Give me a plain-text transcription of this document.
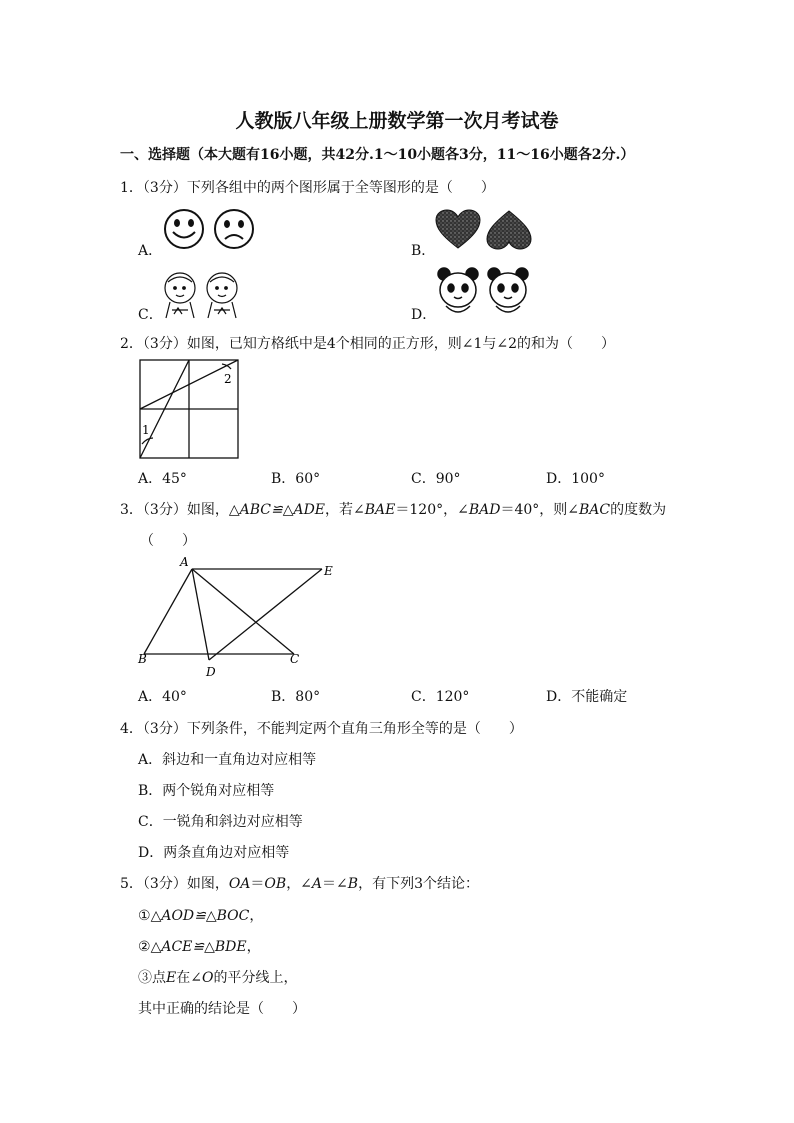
人教版八年级上册数学第一次月考试卷
一、选择题（本大题有16小题，共42分.1～10小题各3分，11～16小题各2分.）
1．（3分）下列各组中的两个图形属于全等图形的是（　　）
A．	B．
C．	D．
2．（3分）如图，已知方格纸中是4个相同的正方形，则∠1与∠2的和为（　　）
1
2
A．45°	B．60°	C．90°	D．100°
3．（3分）如图，△ABC≌△ADE，若∠BAE＝120°，∠BAD＝40°，则∠BAC的度数为
（　　）
A
B	C
D
E
A．40°	B．80°	C．120°	D．不能确定
4．（3分）下列条件，不能判定两个直角三角形全等的是（　　）
A．斜边和一直角边对应相等
B．两个锐角对应相等
C．一锐角和斜边对应相等
D．两条直角边对应相等
5．（3分）如图，OA＝OB，∠A＝∠B，有下列3个结论：
①△AOD≌△BOC，
②△ACE≌△BDE，
③点E在∠O的平分线上，
其中正确的结论是（　　）
